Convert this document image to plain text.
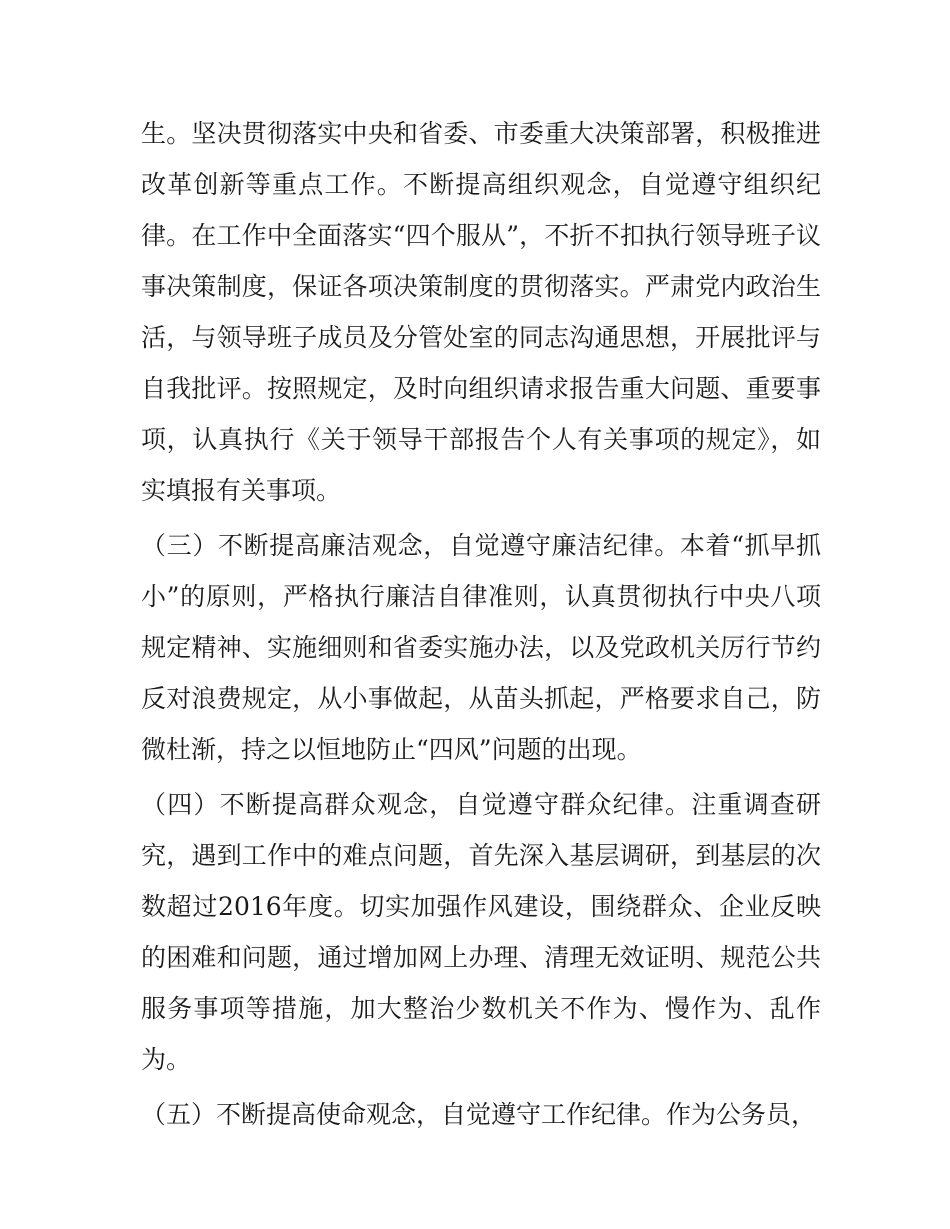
生。坚决贯彻落实中央和省委、市委重大决策部署，积极推进改革创新等重点工作。不断提高组织观念，自觉遵守组织纪律。在工作中全面落实“四个服从”，不折不扣执行领导班子议事决策制度，保证各项决策制度的贯彻落实。严肃党内政治生活，与领导班子成员及分管处室的同志沟通思想，开展批评与自我批评。按照规定，及时向组织请求报告重大问题、重要事项，认真执行《关于领导干部报告个人有关事项的规定》，如实填报有关事项。

（三）不断提高廉洁观念，自觉遵守廉洁纪律。本着“抓早抓小”的原则，严格执行廉洁自律准则，认真贯彻执行中央八项规定精神、实施细则和省委实施办法，以及党政机关厉行节约反对浪费规定，从小事做起，从苗头抓起，严格要求自己，防微杜渐，持之以恒地防止“四风”问题的出现。

（四）不断提高群众观念，自觉遵守群众纪律。注重调查研究，遇到工作中的难点问题，首先深入基层调研，到基层的次数超过2016年度。切实加强作风建设，围绕群众、企业反映的困难和问题，通过增加网上办理、清理无效证明、规范公共服务事项等措施，加大整治少数机关不作为、慢作为、乱作为。

（五）不断提高使命观念，自觉遵守工作纪律。作为公务员，
